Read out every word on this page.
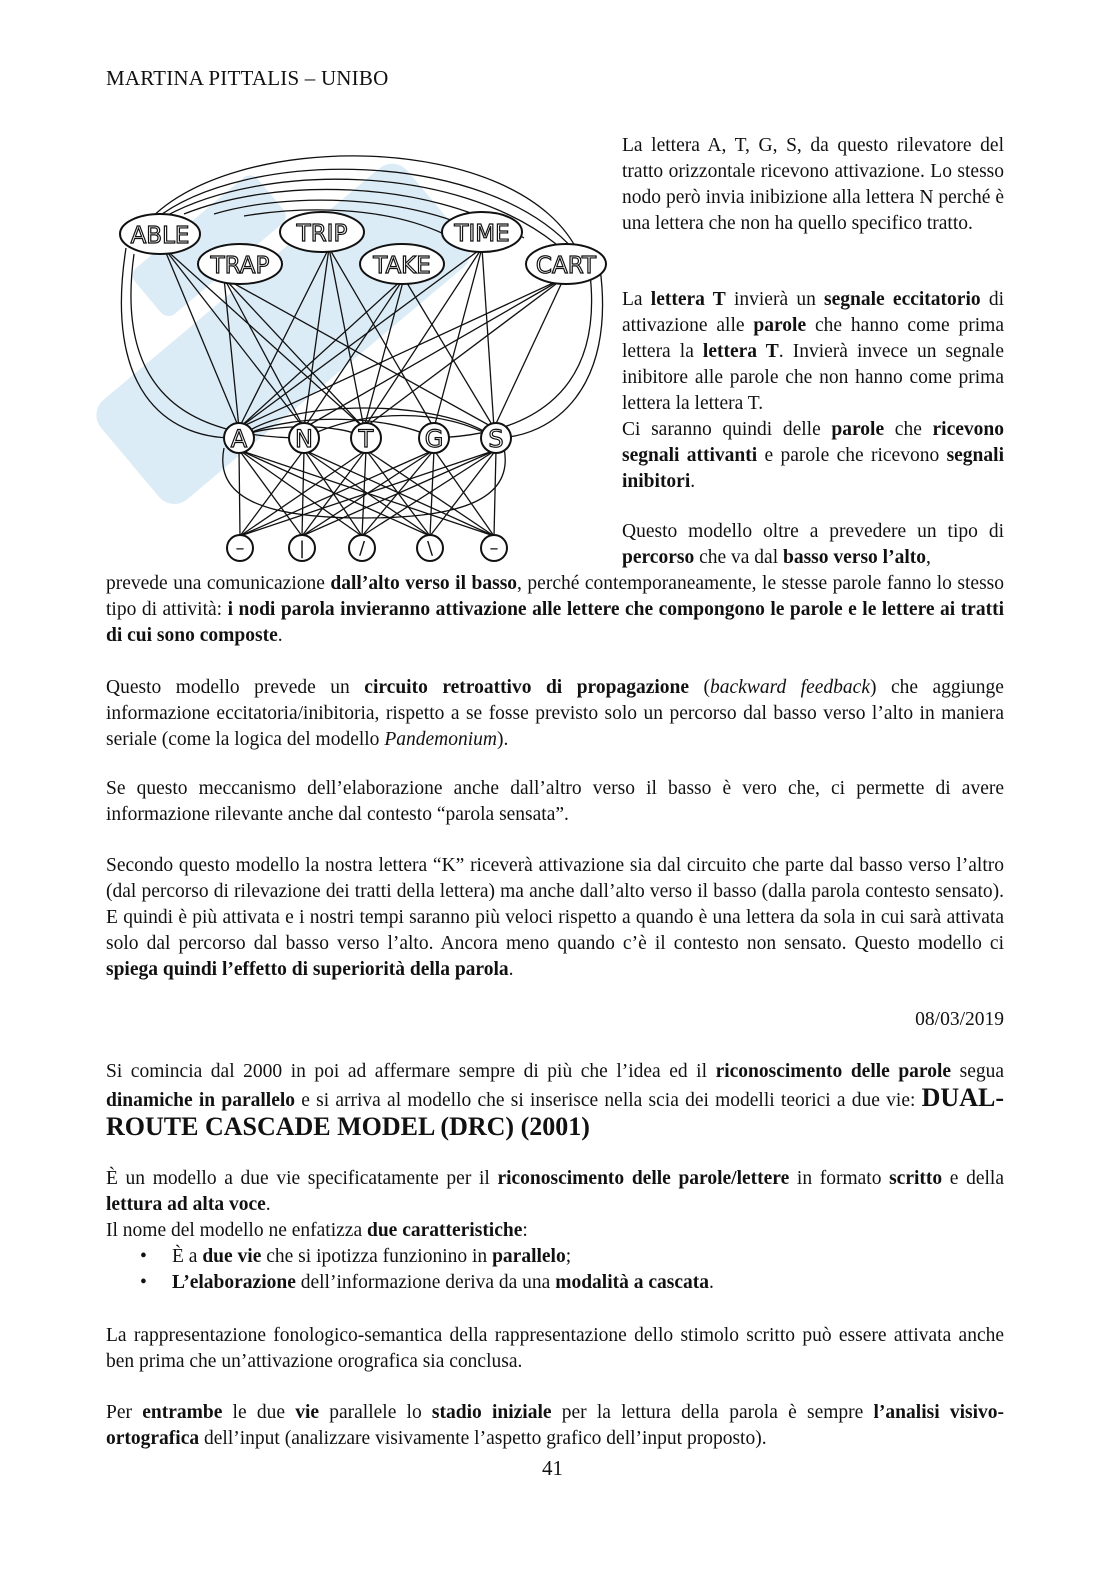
MARTINA PITTALIS – UNIBO
ABLE	TRIP	TIME
TRAP	TAKE	CART
A N T G S
–	|	/	\	–
La lettera A, T, G, S, da questo rilevatore del tratto orizzontale ricevono attivazione. Lo stesso nodo però invia inibizione alla lettera N perché è una lettera che non ha quello specifico tratto.
La lettera T invierà un segnale eccitatorio di attivazione alle parole che hanno come prima lettera la lettera T. Invierà invece un segnale inibitore alle parole che non hanno come prima lettera la lettera T.
Ci saranno quindi delle parole che ricevono segnali attivanti e parole che ricevono segnali inibitori.
Questo modello oltre a prevedere un tipo di percorso che va dal basso verso l’alto,
prevede una comunicazione dall’alto verso il basso, perché contemporaneamente, le stesse parole fanno lo stesso tipo di attività: i nodi parola invieranno attivazione alle lettere che compongono le parole e le lettere ai tratti di cui sono composte.
Questo modello prevede un circuito retroattivo di propagazione (backward feedback) che aggiunge informazione eccitatoria/inibitoria, rispetto a se fosse previsto solo un percorso dal basso verso l’alto in maniera seriale (come la logica del modello Pandemonium).
Se questo meccanismo dell’elaborazione anche dall’altro verso il basso è vero che, ci permette di avere informazione rilevante anche dal contesto “parola sensata”.
Secondo questo modello la nostra lettera “K” riceverà attivazione sia dal circuito che parte dal basso verso l’altro (dal percorso di rilevazione dei tratti della lettera) ma anche dall’alto verso il basso (dalla parola contesto sensato). E quindi è più attivata e i nostri tempi saranno più veloci rispetto a quando è una lettera da sola in cui sarà attivata solo dal percorso dal basso verso l’alto. Ancora meno quando c’è il contesto non sensato. Questo modello ci spiega quindi l’effetto di superiorità della parola.
08/03/2019
Si comincia dal 2000 in poi ad affermare sempre di più che l’idea ed il riconoscimento delle parole segua dinamiche in parallelo e si arriva al modello che si inserisce nella scia dei modelli teorici a due vie: DUAL-ROUTE CASCADE MODEL (DRC) (2001)
È un modello a due vie specificatamente per il riconoscimento delle parole/lettere in formato scritto e della lettura ad alta voce.
Il nome del modello ne enfatizza due caratteristiche:
• È a due vie che si ipotizza funzionino in parallelo;
• L’elaborazione dell’informazione deriva da una modalità a cascata.
La rappresentazione fonologico-semantica della rappresentazione dello stimolo scritto può essere attivata anche ben prima che un’attivazione orografica sia conclusa.
Per entrambe le due vie parallele lo stadio iniziale per la lettura della parola è sempre l’analisi visivo-ortografica dell’input (analizzare visivamente l’aspetto grafico dell’input proposto).
41
